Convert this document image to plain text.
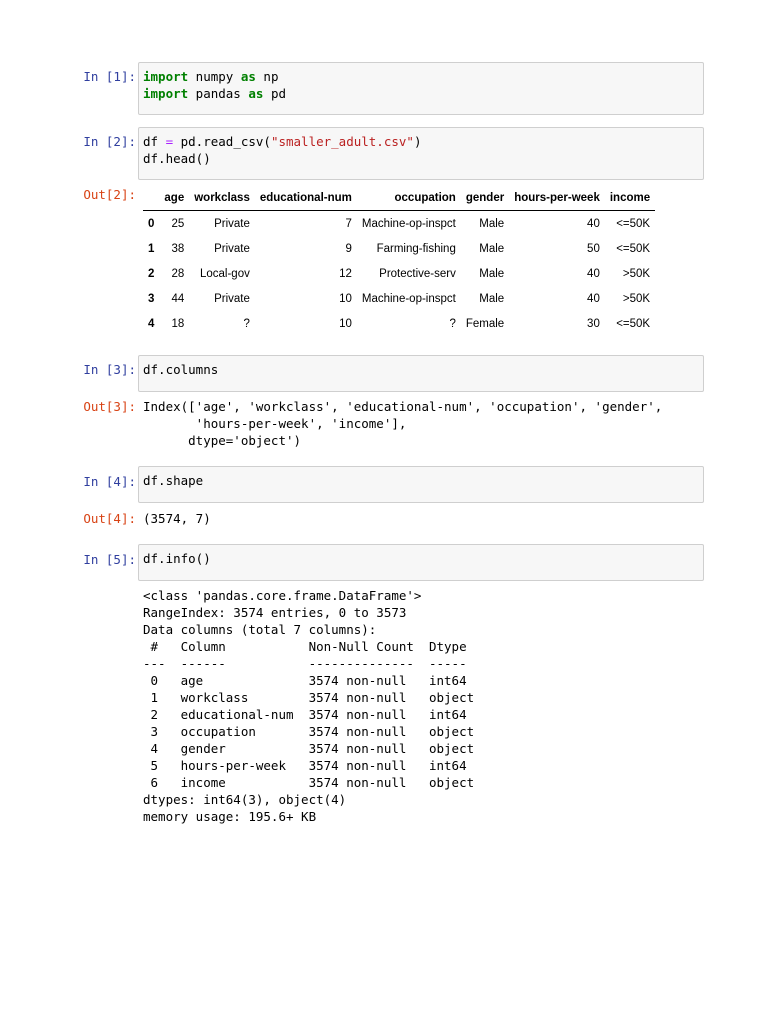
In [1]: import numpy as np
import pandas as pd
In [2]: df = pd.read_csv("smaller_adult.csv")
df.head()
Out[2]:
	age	workclass	educational-num	occupation	gender	hours-per-week	income
0	25	Private	7	Machine-op-inspct	Male	40	<=50K
1	38	Private	9	Farming-fishing	Male	50	<=50K
2	28	Local-gov	12	Protective-serv	Male	40	>50K
3	44	Private	10	Machine-op-inspct	Male	40	>50K
4	18	?	10	?	Female	30	<=50K
In [3]: df.columns
Out[3]: Index(['age', 'workclass', 'educational-num', 'occupation', 'gender',
'hours-per-week', 'income'],
dtype='object')
In [4]: df.shape
Out[4]: (3574, 7)
In [5]: df.info()
<class 'pandas.core.frame.DataFrame'>
RangeIndex: 3574 entries, 0 to 3573
Data columns (total 7 columns):
#   Column           Non-Null Count  Dtype
---  ------           --------------  -----
0   age              3574 non-null   int64
1   workclass        3574 non-null   object
2   educational-num  3574 non-null   int64
3   occupation       3574 non-null   object
4   gender           3574 non-null   object
5   hours-per-week   3574 non-null   int64
6   income           3574 non-null   object
dtypes: int64(3), object(4)
memory usage: 195.6+ KB
